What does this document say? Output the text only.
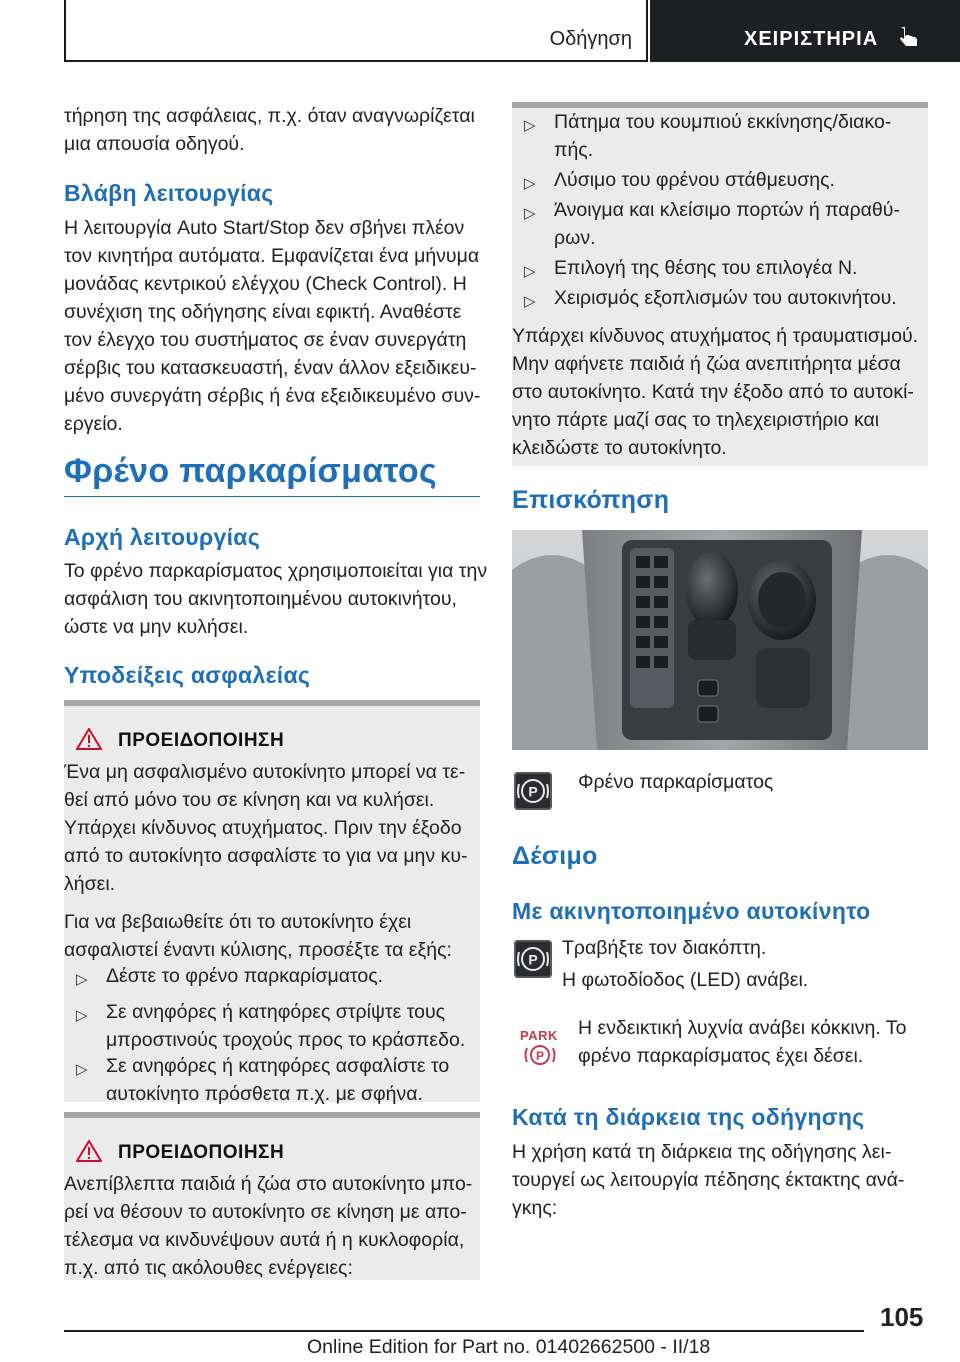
Οδήγηση	ΧΕΙΡΙΣΤΗΡΙΑ

τήρηση της ασφάλειας, π.χ. όταν αναγνωρίζεται

μια απουσία οδηγού.

Βλάβη λειτουργίας

Η λειτουργία Auto Start/Stop δεν σβήνει πλέον

τον κινητήρα αυτόματα. Εμφανίζεται ένα μήνυμα

μονάδας κεντρικού ελέγχου (Check Control). Η

συνέχιση της οδήγησης είναι εφικτή. Αναθέστε

τον έλεγχο του συστήματος σε έναν συνεργάτη

σέρβις του κατασκευαστή, έναν άλλον εξειδικευ-

μένο συνεργάτη σέρβις ή ένα εξειδικευμένο συν-

εργείο.

Φρένο παρκαρίσματος
Αρχή λειτουργίας

Το φρένο παρκαρίσματος χρησιμοποιείται για την

ασφάλιση του ακινητοποιημένου αυτοκινήτου,

ώστε να μην κυλήσει.

Υποδείξεις ασφαλείας
ΠΡΟΕΙΔΟΠΟΙΗΣΗ

Ένα μη ασφαλισμένο αυτοκίνητο μπορεί να τε-

θεί από μόνο του σε κίνηση και να κυλήσει.

Υπάρχει κίνδυνος ατυχήματος. Πριν την έξοδο

από το αυτοκίνητο ασφαλίστε το για να μην κυ-

λήσει.

Για να βεβαιωθείτε ότι το αυτοκίνητο έχει

ασφαλιστεί έναντι κύλισης, προσέξτε τα εξής:

▷ Δέστε το φρένο παρκαρίσματος.

▷ Σε ανηφόρες ή κατηφόρες στρίψτε τους

μπροστινούς τροχούς προς το κράσπεδο.

▷ Σε ανηφόρες ή κατηφόρες ασφαλίστε το

αυτοκίνητο πρόσθετα π.χ. με σφήνα.

ΠΡΟΕΙΔΟΠΟΙΗΣΗ

Ανεπίβλεπτα παιδιά ή ζώα στο αυτοκίνητο μπο-

ρεί να θέσουν το αυτοκίνητο σε κίνηση με απο-

τέλεσμα να κινδυνέψουν αυτά ή η κυκλοφορία,

π.χ. από τις ακόλουθες ενέργειες:

▷ Πάτημα του κουμπιού εκκίνησης/διακο-

πής.

▷ Λύσιμο του φρένου στάθμευσης.

▷ Άνοιγμα και κλείσιμο πορτών ή παραθύ-

ρων.

▷ Επιλογή της θέσης του επιλογέα N.

▷ Χειρισμός εξοπλισμών του αυτοκινήτου.

Υπάρχει κίνδυνος ατυχήματος ή τραυματισμού.

Μην αφήνετε παιδιά ή ζώα ανεπιτήρητα μέσα

στο αυτοκίνητο. Κατά την έξοδο από το αυτοκί-

νητο πάρτε μαζί σας το τηλεχειριστήριο και

κλειδώστε το αυτοκίνητο.

Επισκόπηση
P Φρένο παρκαρίσματος

Δέσιμο
Με ακινητοποιημένο αυτοκίνητο
P

Τραβήξτε τον διακόπτη.

Η φωτοδίοδος (LED) ανάβει.

PARK
P

Η ενδεικτική λυχνία ανάβει κόκκινη. Το

φρένο παρκαρίσματος έχει δέσει.

Κατά τη διάρκεια της οδήγησης

Η χρήση κατά τη διάρκεια της οδήγησης λει-

τουργεί ως λειτουργία πέδησης έκτακτης ανά-

γκης:

105
Online Edition for Part no. 01402662500 - II/18
